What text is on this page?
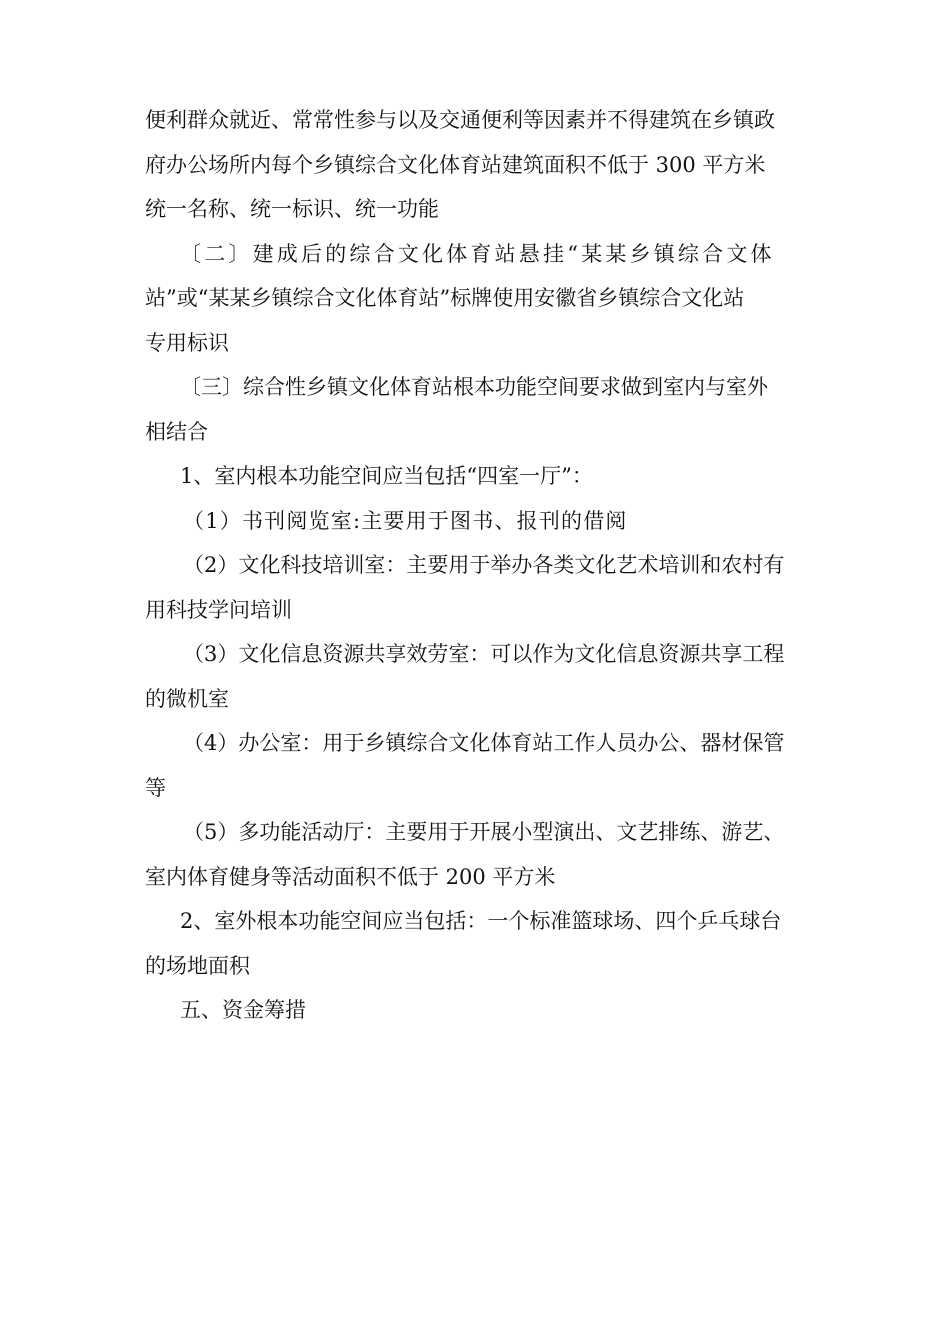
便利群众就近、常常性参与以及交通便利等因素并不得建筑在乡镇政
府办公场所内每个乡镇综合文化体育站建筑面积不低于 300 平方米
统一名称、统一标识、统一功能
〔二〕建成后的综合文化体育站悬挂“某某乡镇综合文体
站”或“某某乡镇综合文化体育站”标牌使用安徽省乡镇综合文化站
专用标识
〔三〕综合性乡镇文化体育站根本功能空间要求做到室内与室外
相结合
1、室内根本功能空间应当包括“四室一厅”：
（1）书刊阅览室:主要用于图书、报刊的借阅
（2）文化科技培训室：主要用于举办各类文化艺术培训和农村有
用科技学问培训
（3）文化信息资源共享效劳室：可以作为文化信息资源共享工程
的微机室
（4）办公室：用于乡镇综合文化体育站工作人员办公、器材保管
等
（5）多功能活动厅：主要用于开展小型演出、文艺排练、游艺、
室内体育健身等活动面积不低于 200 平方米
2、室外根本功能空间应当包括：一个标准篮球场、四个乒乓球台
的场地面积
五、资金筹措
